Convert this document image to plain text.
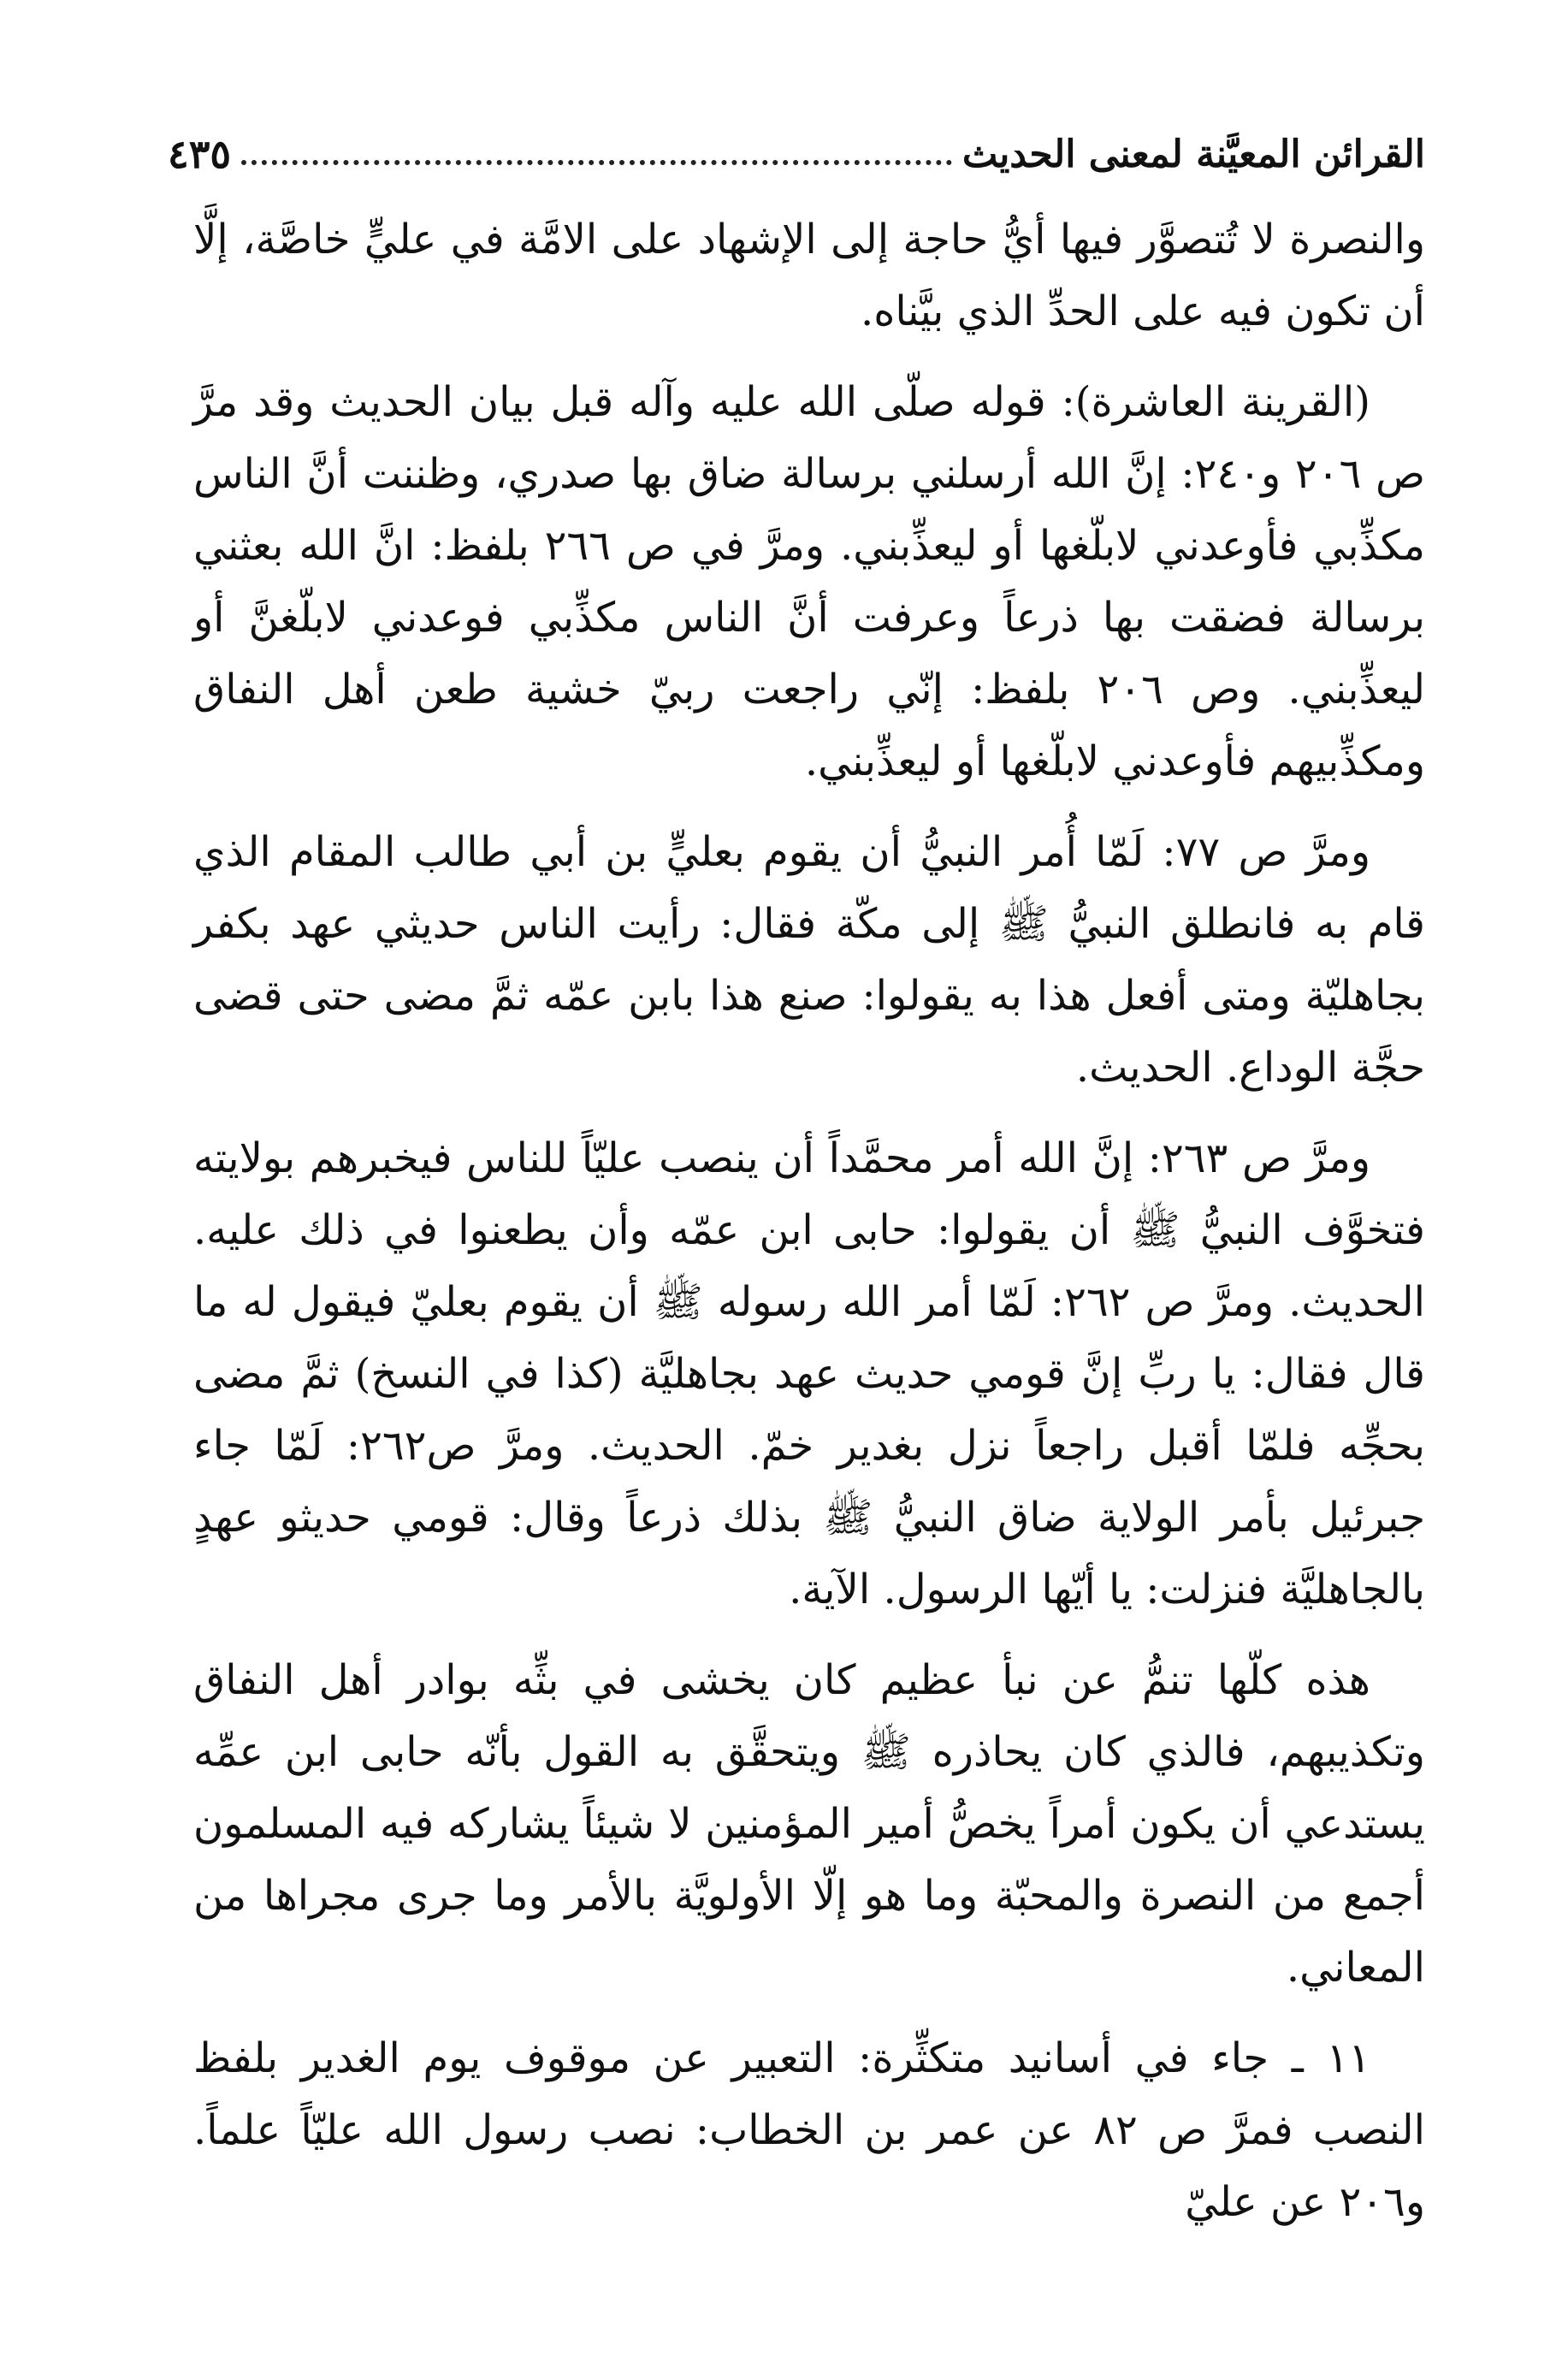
القرائن المعيَّنة لمعنى الحديث
٤٣٥

والنصرة لا تُتصوَّر فيها أيُّ حاجة إلى الإشهاد على الامَّة في عليٍّ خاصَّة، إلَّا أن تكون فيه على الحدِّ الذي بيَّناه.

(القرينة العاشرة): قوله صلّى الله عليه وآله قبل بيان الحديث وقد مرَّ ص ٢٠٦ و٢٤٠: إنَّ الله أرسلني برسالة ضاق بها صدري، وظننت أنَّ الناس مكذِّبي فأوعدني لابلّغها أو ليعذِّبني. ومرَّ في ص ٢٦٦ بلفظ: انَّ الله بعثني برسالة فضقت بها ذرعاً وعرفت أنَّ الناس مكذِّبي فوعدني لابلّغنَّ أو ليعذِّبني. وص ٢٠٦ بلفظ: إنّي راجعت ربيّ خشية طعن أهل النفاق ومكذِّبيهم فأوعدني لابلّغها أو ليعذِّبني.

ومرَّ ص ٧٧: لَمّا أُمر النبيُّ أن يقوم بعليٍّ بن أبي طالب المقام الذي قام به فانطلق النبيُّ ﷺ إلى مكّة فقال: رأيت الناس حديثي عهد بكفر بجاهليّة ومتى أفعل هذا به يقولوا: صنع هذا بابن عمّه ثمَّ مضى حتى قضى حجَّة الوداع. الحديث.

ومرَّ ص ٢٦٣: إنَّ الله أمر محمَّداً أن ينصب عليّاً للناس فيخبرهم بولايته فتخوَّف النبيُّ ﷺ أن يقولوا: حابى ابن عمّه وأن يطعنوا في ذلك عليه. الحديث. ومرَّ ص ٢٦٢: لَمّا أمر الله رسوله ﷺ أن يقوم بعليّ فيقول له ما قال فقال: يا ربِّ إنَّ قومي حديث عهد بجاهليَّة (كذا في النسخ) ثمَّ مضى بحجِّه فلمّا أقبل راجعاً نزل بغدير خمّ. الحديث. ومرَّ ص٢٦٢: لَمّا جاء جبرئيل بأمر الولاية ضاق النبيُّ ﷺ بذلك ذرعاً وقال: قومي حديثو عهدٍ بالجاهليَّة فنزلت: يا أيّها الرسول. الآية.

هذه كلّها تنمُّ عن نبأ عظيم كان يخشى في بثِّه بوادر أهل النفاق وتكذيبهم، فالذي كان يحاذره ﷺ ويتحقَّق به القول بأنّه حابى ابن عمِّه يستدعي أن يكون أمراً يخصُّ أمير المؤمنين لا شيئاً يشاركه فيه المسلمون أجمع من النصرة والمحبّة وما هو إلّا الأولويَّة بالأمر وما جرى مجراها من المعاني.

١١ ـ جاء في أسانيد متكثِّرة: التعبير عن موقوف يوم الغدير بلفظ النصب فمرَّ ص ٨٢ عن عمر بن الخطاب: نصب رسول الله عليّاً علماً. و٢٠٦ عن عليّ
